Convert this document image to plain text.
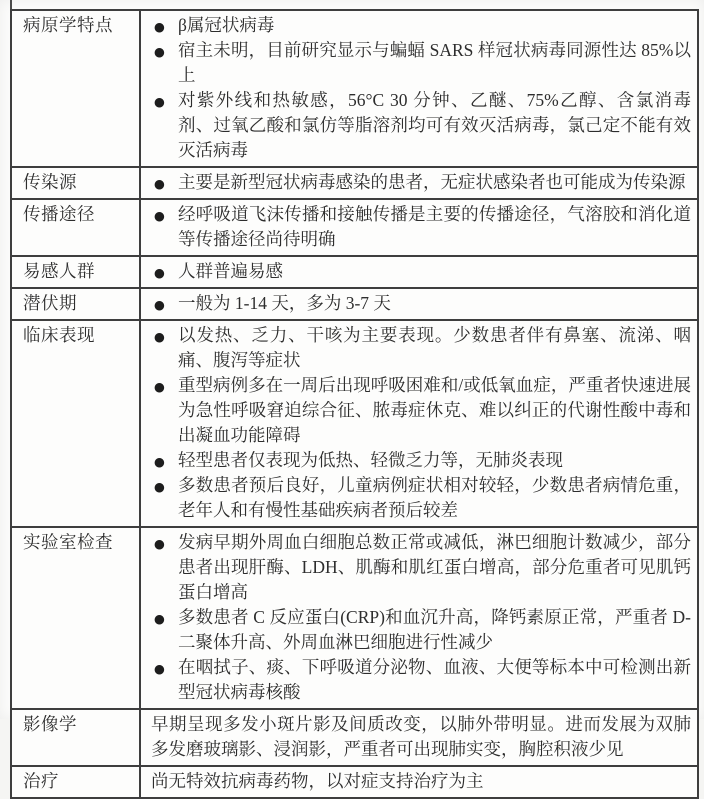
病原学特点	● β属冠状病毒
● 宿主未明，目前研究显示与蝙蝠 SARS 样冠状病毒同源性达 85%以上
● 对紫外线和热敏感，56°C 30 分钟、乙醚、75%乙醇、含氯消毒剂、过氧乙酸和氯仿等脂溶剂均可有效灭活病毒，氯己定不能有效灭活病毒

传染源	● 主要是新型冠状病毒感染的患者，无症状感染者也可能成为传染源

传播途径	● 经呼吸道飞沫传播和接触传播是主要的传播途径，气溶胶和消化道等传播途径尚待明确

易感人群	● 人群普遍易感

潜伏期	● 一般为 1-14 天，多为 3-7 天

临床表现	● 以发热、乏力、干咳为主要表现。少数患者伴有鼻塞、流涕、咽痛、腹泻等症状
● 重型病例多在一周后出现呼吸困难和/或低氧血症，严重者快速进展为急性呼吸窘迫综合征、脓毒症休克、难以纠正的代谢性酸中毒和出凝血功能障碍
● 轻型患者仅表现为低热、轻微乏力等，无肺炎表现
● 多数患者预后良好，儿童病例症状相对较轻，少数患者病情危重，老年人和有慢性基础疾病者预后较差

实验室检查	● 发病早期外周血白细胞总数正常或减低，淋巴细胞计数减少，部分患者出现肝酶、LDH、肌酶和肌红蛋白增高，部分危重者可见肌钙蛋白增高
● 多数患者 C 反应蛋白(CRP)和血沉升高，降钙素原正常，严重者 D-二聚体升高、外周血淋巴细胞进行性减少
● 在咽拭子、痰、下呼吸道分泌物、血液、大便等标本中可检测出新型冠状病毒核酸

影像学	早期呈现多发小斑片影及间质改变，以肺外带明显。进而发展为双肺多发磨玻璃影、浸润影，严重者可出现肺实变，胸腔积液少见

治疗	尚无特效抗病毒药物，以对症支持治疗为主
